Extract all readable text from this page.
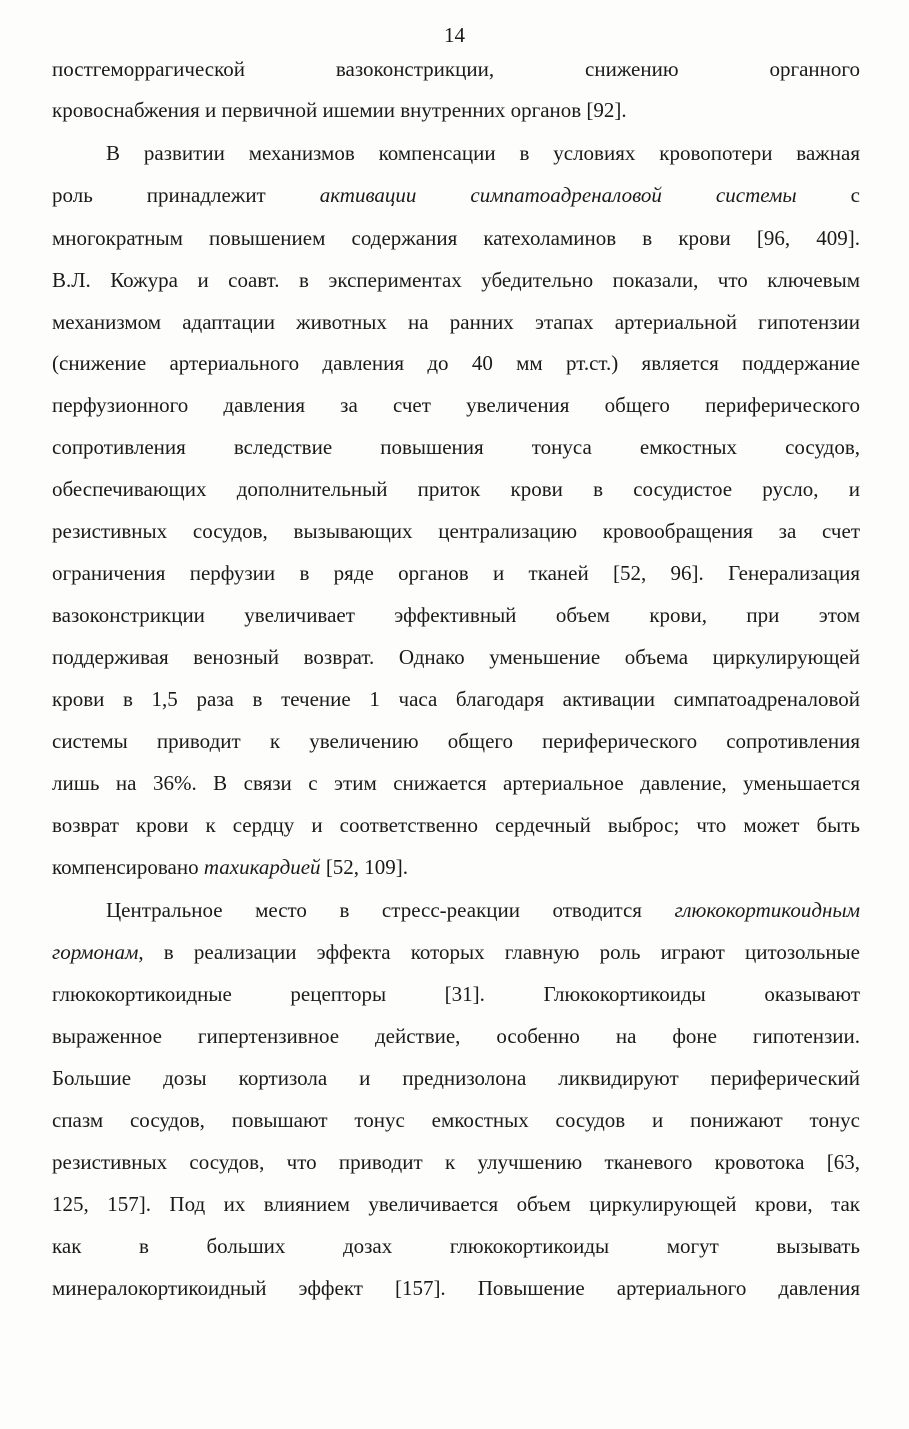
14
постгеморрагической вазоконстрикции, снижению органного
кровоснабжения и первичной ишемии внутренних органов [92].
В развитии механизмов компенсации в условиях кровопотери важная
роль принадлежит активации симпатоадреналовой системы с
многократным повышением содержания катехоламинов в крови [96, 409].
В.Л. Кожура и соавт. в экспериментах убедительно показали, что ключевым
механизмом адаптации животных на ранних этапах артериальной гипотензии
(снижение артериального давления до 40 мм рт.ст.) является поддержание
перфузионного давления за счет увеличения общего периферического
сопротивления вследствие повышения тонуса емкостных сосудов,
обеспечивающих дополнительный приток крови в сосудистое русло, и
резистивных сосудов, вызывающих централизацию кровообращения за счет
ограничения перфузии в ряде органов и тканей [52, 96]. Генерализация
вазоконстрикции увеличивает эффективный объем крови, при этом
поддерживая венозный возврат. Однако уменьшение объема циркулирующей
крови в 1,5 раза в течение 1 часа благодаря активации симпатоадреналовой
системы приводит к увеличению общего периферического сопротивления
лишь на 36%. В связи с этим снижается артериальное давление, уменьшается
возврат крови к сердцу и соответственно сердечный выброс; что может быть
компенсировано тахикардией [52, 109].
Центральное место в стресс-реакции отводится глюкокортикоидным
гормонам, в реализации эффекта которых главную роль играют цитозольные
глюкокортикоидные рецепторы [31]. Глюкокортикоиды оказывают
выраженное гипертензивное действие, особенно на фоне гипотензии.
Большие дозы кортизола и преднизолона ликвидируют периферический
спазм сосудов, повышают тонус емкостных сосудов и понижают тонус
резистивных сосудов, что приводит к улучшению тканевого кровотока [63,
125, 157]. Под их влиянием увеличивается объем циркулирующей крови, так
как в больших дозах глюкокортикоиды могут вызывать
минералокортикоидный эффект [157]. Повышение артериального давления
